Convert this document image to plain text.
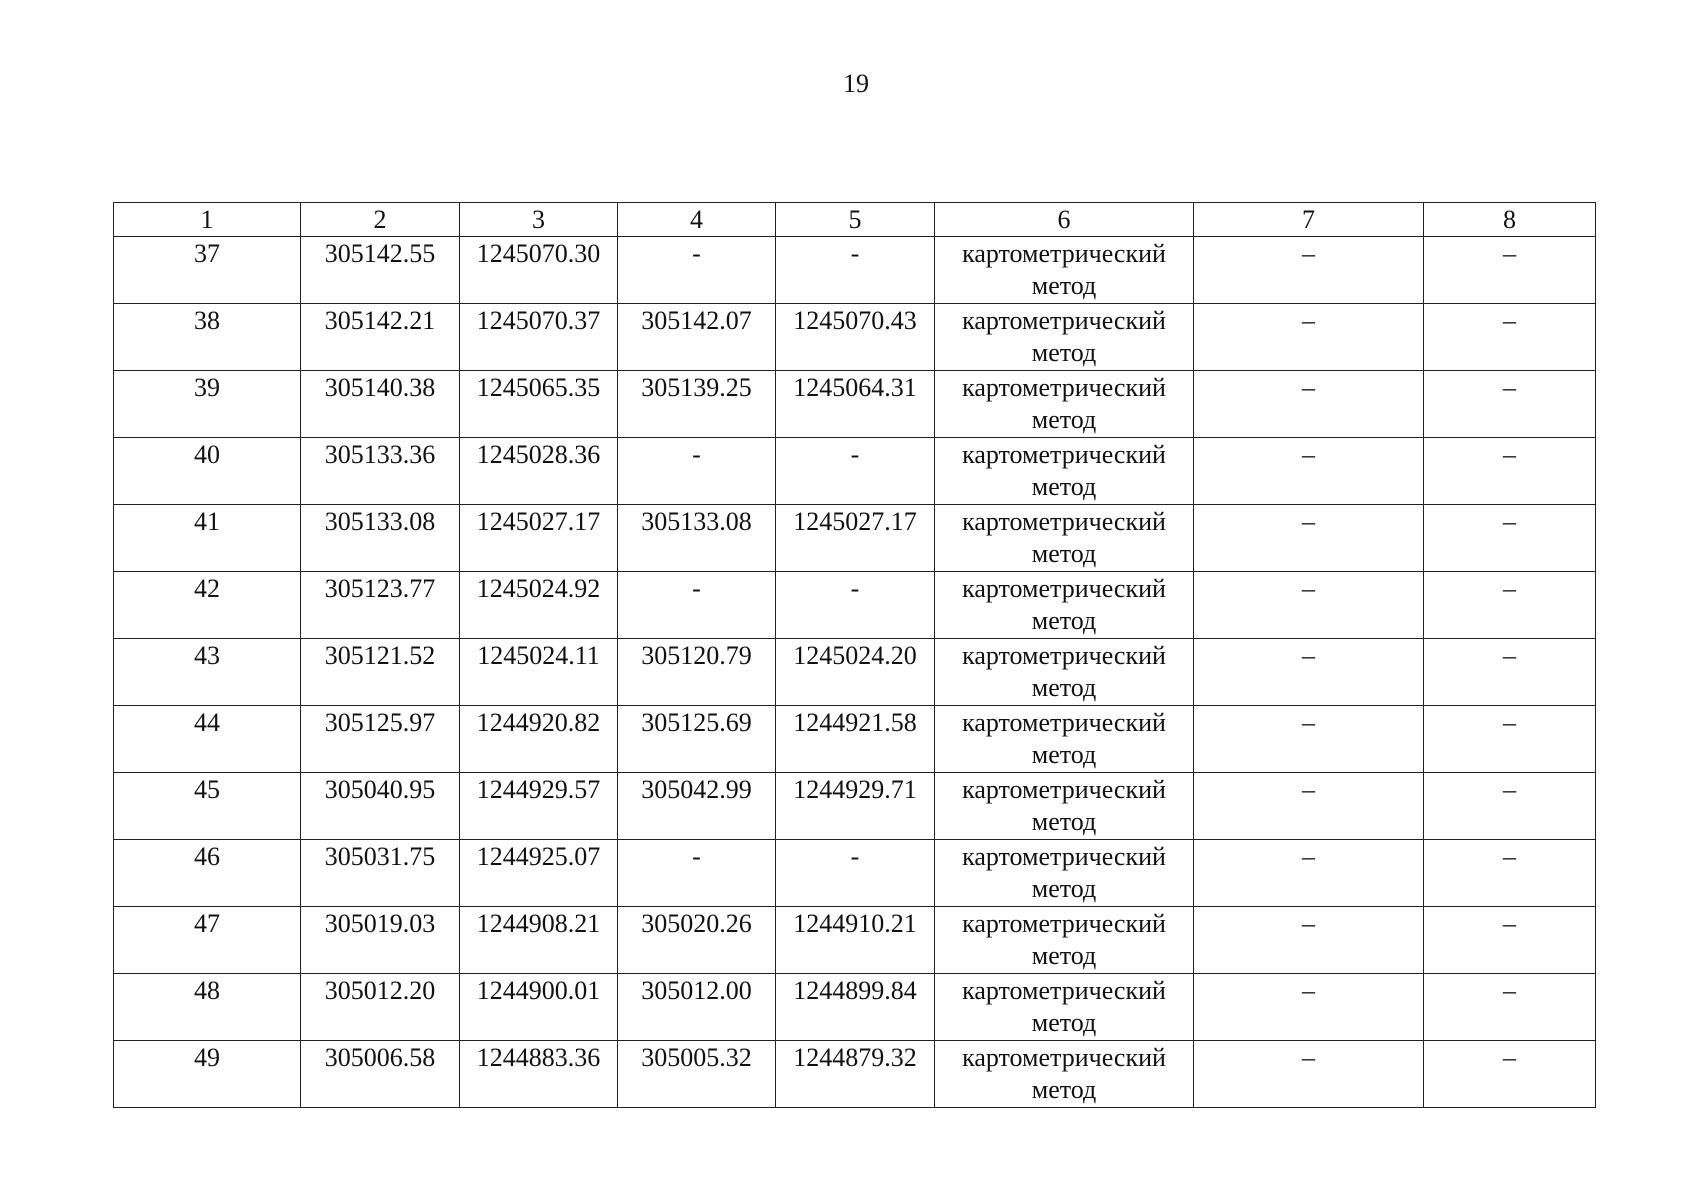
19
1	2	3	4	5	6	7	8
37	305142.55	1245070.30	-	-	картометрический метод	–	–
38	305142.21	1245070.37	305142.07	1245070.43	картометрический метод	–	–
39	305140.38	1245065.35	305139.25	1245064.31	картометрический метод	–	–
40	305133.36	1245028.36	-	-	картометрический метод	–	–
41	305133.08	1245027.17	305133.08	1245027.17	картометрический метод	–	–
42	305123.77	1245024.92	-	-	картометрический метод	–	–
43	305121.52	1245024.11	305120.79	1245024.20	картометрический метод	–	–
44	305125.97	1244920.82	305125.69	1244921.58	картометрический метод	–	–
45	305040.95	1244929.57	305042.99	1244929.71	картометрический метод	–	–
46	305031.75	1244925.07	-	-	картометрический метод	–	–
47	305019.03	1244908.21	305020.26	1244910.21	картометрический метод	–	–
48	305012.20	1244900.01	305012.00	1244899.84	картометрический метод	–	–
49	305006.58	1244883.36	305005.32	1244879.32	картометрический метод	–	–
